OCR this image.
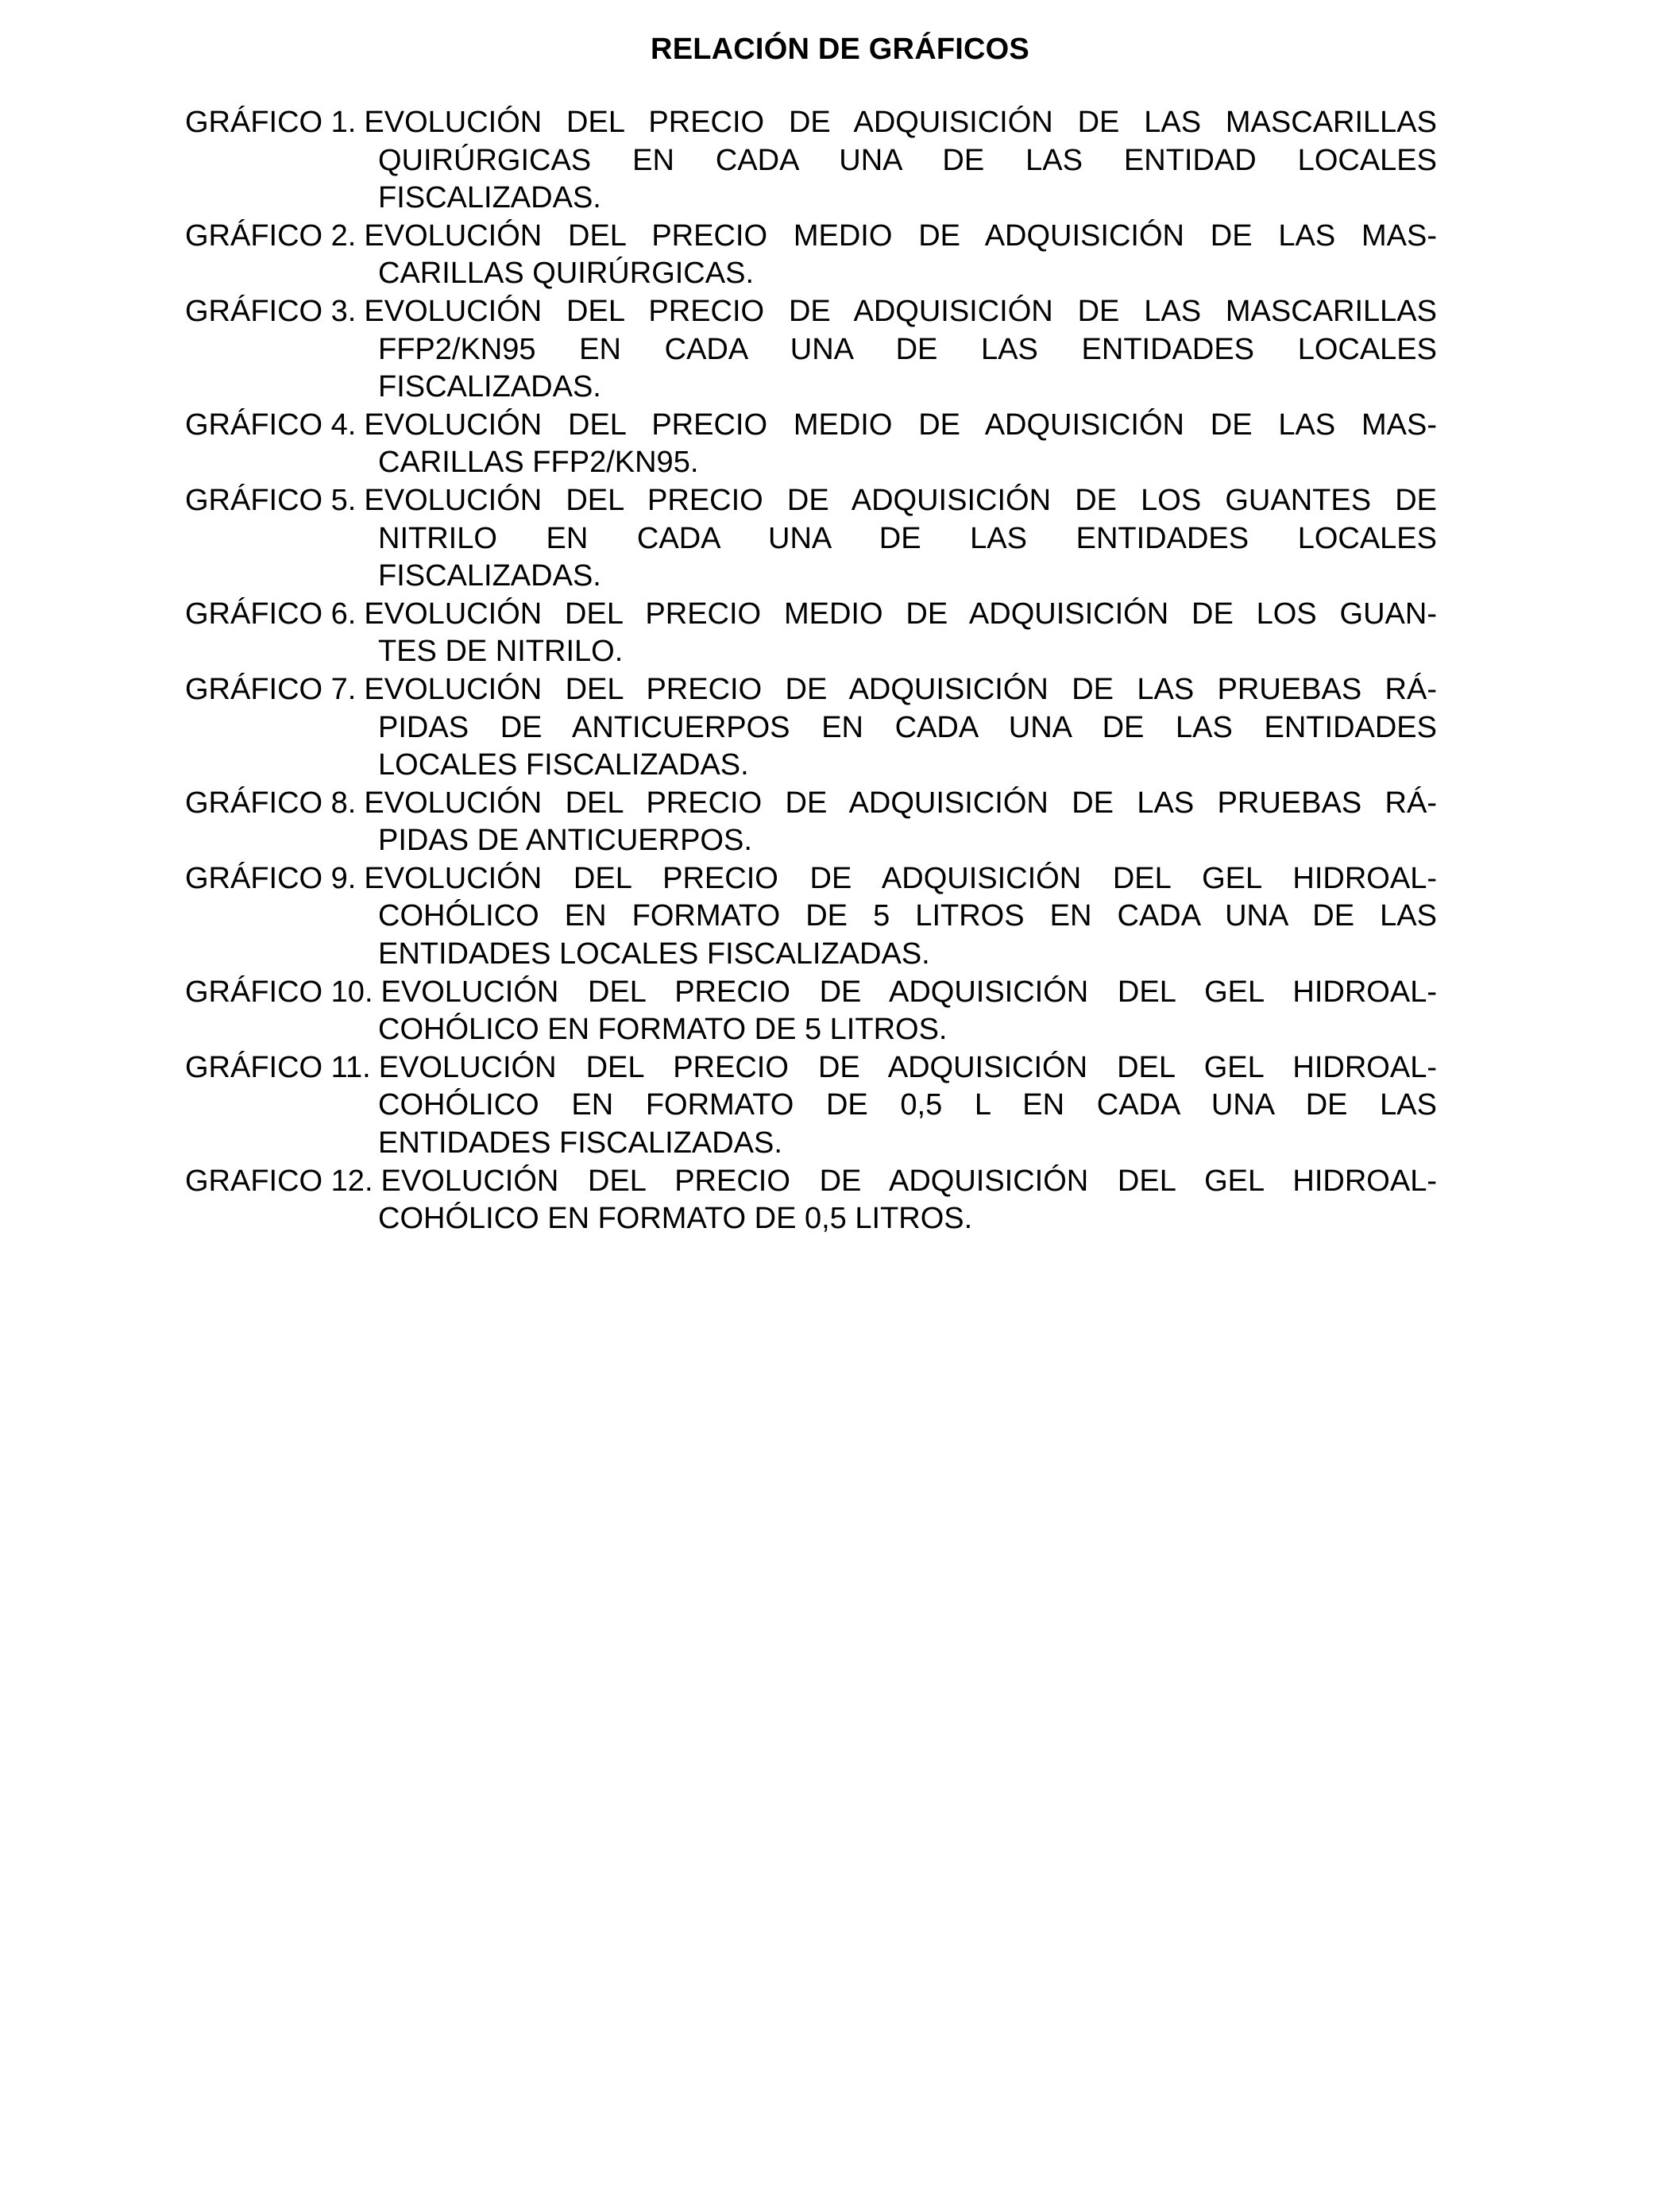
RELACIÓN DE GRÁFICOS
GRÁFICO 1. EVOLUCIÓN DEL PRECIO DE ADQUISICIÓN DE LAS MASCARILLAS
QUIRÚRGICAS EN CADA UNA DE LAS ENTIDAD LOCALES
FISCALIZADAS.
GRÁFICO 2. EVOLUCIÓN DEL PRECIO MEDIO DE ADQUISICIÓN DE LAS MAS-
CARILLAS QUIRÚRGICAS.
GRÁFICO 3. EVOLUCIÓN DEL PRECIO DE ADQUISICIÓN DE LAS MASCARILLAS
FFP2/KN95 EN CADA UNA DE LAS ENTIDADES LOCALES
FISCALIZADAS.
GRÁFICO 4. EVOLUCIÓN DEL PRECIO MEDIO DE ADQUISICIÓN DE LAS MAS-
CARILLAS FFP2/KN95.
GRÁFICO 5. EVOLUCIÓN DEL PRECIO DE ADQUISICIÓN DE LOS GUANTES DE
NITRILO EN CADA UNA DE LAS ENTIDADES LOCALES
FISCALIZADAS.
GRÁFICO 6. EVOLUCIÓN DEL PRECIO MEDIO DE ADQUISICIÓN DE LOS GUAN-
TES DE NITRILO.
GRÁFICO 7. EVOLUCIÓN DEL PRECIO DE ADQUISICIÓN DE LAS PRUEBAS RÁ-
PIDAS DE ANTICUERPOS EN CADA UNA DE LAS ENTIDADES
LOCALES FISCALIZADAS.
GRÁFICO 8. EVOLUCIÓN DEL PRECIO DE ADQUISICIÓN DE LAS PRUEBAS RÁ-
PIDAS DE ANTICUERPOS.
GRÁFICO 9. EVOLUCIÓN DEL PRECIO DE ADQUISICIÓN DEL GEL HIDROAL-
COHÓLICO EN FORMATO DE 5 LITROS EN CADA UNA DE LAS
ENTIDADES LOCALES FISCALIZADAS.
GRÁFICO 10. EVOLUCIÓN DEL PRECIO DE ADQUISICIÓN DEL GEL HIDROAL-
COHÓLICO EN FORMATO DE 5 LITROS.
GRÁFICO 11. EVOLUCIÓN DEL PRECIO DE ADQUISICIÓN DEL GEL HIDROAL-
COHÓLICO EN FORMATO DE 0,5 L EN CADA UNA DE LAS
ENTIDADES FISCALIZADAS.
GRAFICO 12. EVOLUCIÓN DEL PRECIO DE ADQUISICIÓN DEL GEL HIDROAL-
COHÓLICO EN FORMATO DE 0,5 LITROS.
